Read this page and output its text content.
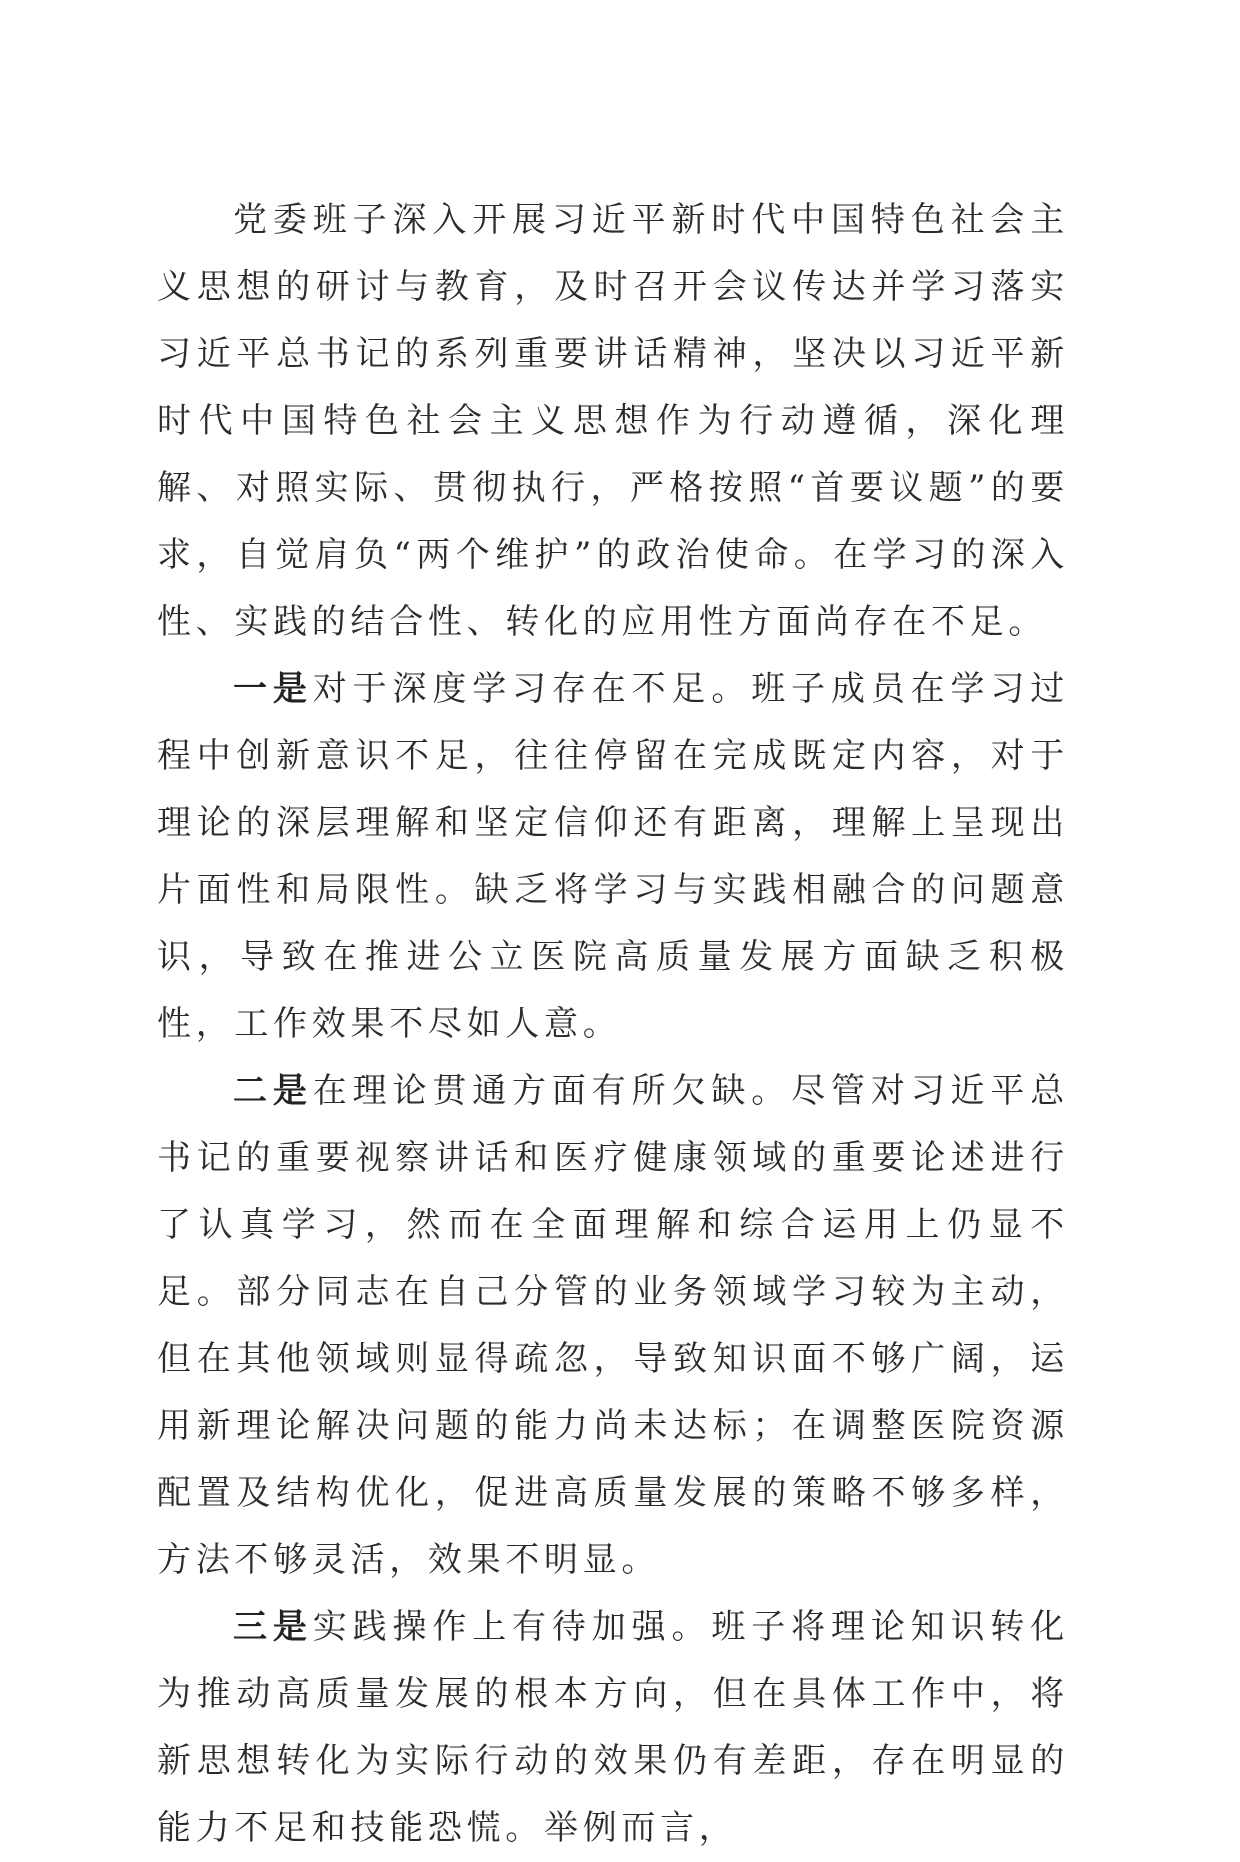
党委班子深入开展习近平新时代中国特色社会主义思想的研讨与教育，及时召开会议传达并学习落实习近平总书记的系列重要讲话精神，坚决以习近平新时代中国特色社会主义思想作为行动遵循，深化理解、对照实际、贯彻执行，严格按照“首要议题”的要求，自觉肩负“两个维护”的政治使命。在学习的深入性、实践的结合性、转化的应用性方面尚存在不足。

一是对于深度学习存在不足。班子成员在学习过程中创新意识不足，往往停留在完成既定内容，对于理论的深层理解和坚定信仰还有距离，理解上呈现出片面性和局限性。缺乏将学习与实践相融合的问题意识，导致在推进公立医院高质量发展方面缺乏积极性，工作效果不尽如人意。

二是在理论贯通方面有所欠缺。尽管对习近平总书记的重要视察讲话和医疗健康领域的重要论述进行了认真学习，然而在全面理解和综合运用上仍显不足。部分同志在自己分管的业务领域学习较为主动，但在其他领域则显得疏忽，导致知识面不够广阔，运用新理论解决问题的能力尚未达标；在调整医院资源配置及结构优化，促进高质量发展的策略不够多样，方法不够灵活，效果不明显。

三是实践操作上有待加强。班子将理论知识转化为推动高质量发展的根本方向，但在具体工作中，将新思想转化为实际行动的效果仍有差距，存在明显的能力不足和技能恐慌。举例而言，
